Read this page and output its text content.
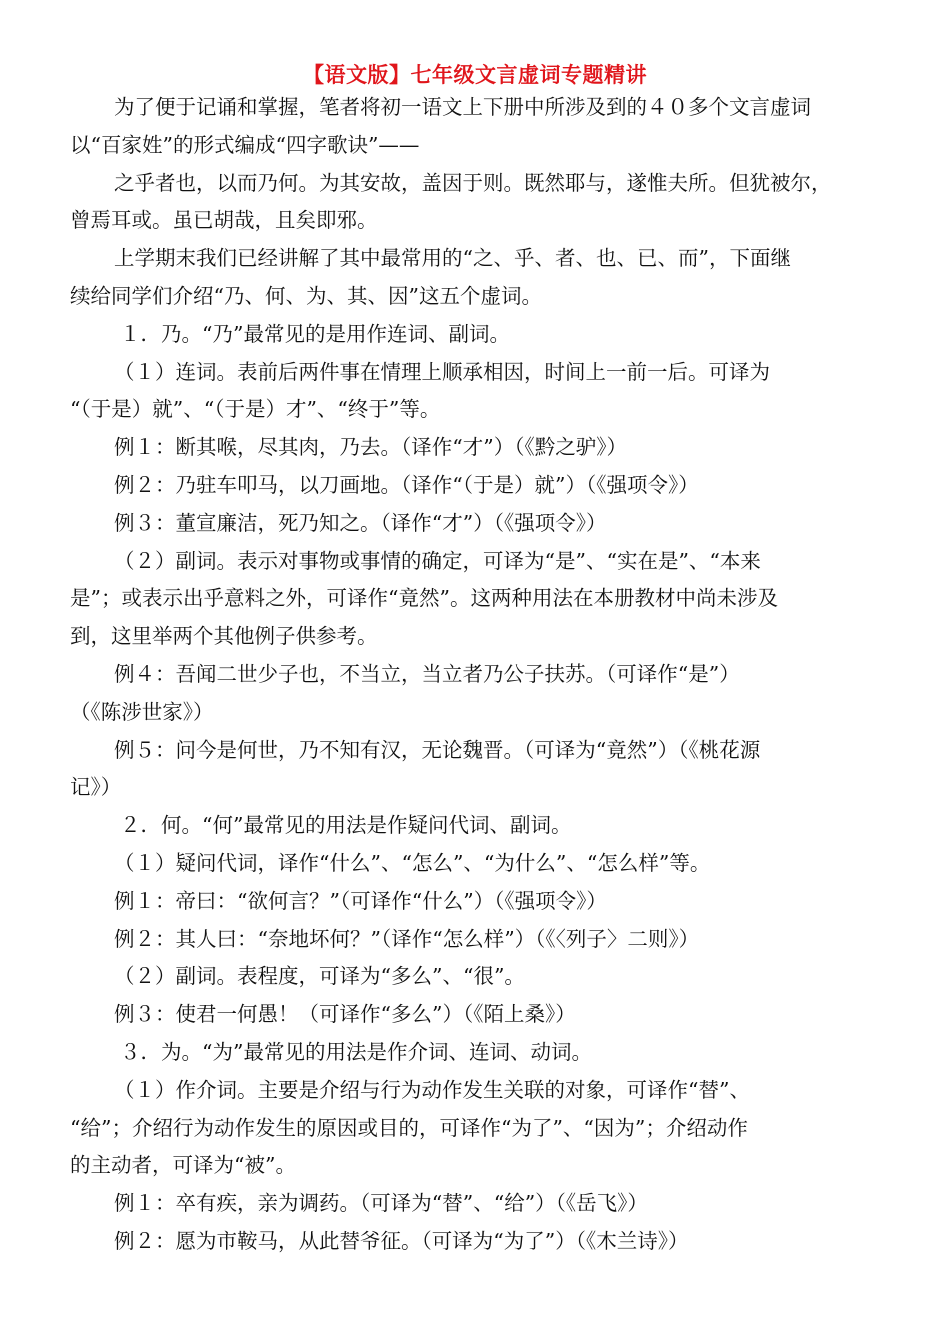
【语文版】七年级文言虚词专题精讲

为了便于记诵和掌握，笔者将初一语文上下册中所涉及到的４０多个文言虚词

以“百家姓”的形式编成“四字歌诀”——

之乎者也，以而乃何。为其安故，盖因于则。既然耶与，遂惟夫所。但犹被尔，

曾焉耳或。虽已胡哉，且矣即邪。

上学期末我们已经讲解了其中最常用的“之、乎、者、也、已、而”，下面继

续给同学们介绍“乃、何、为、其、因”这五个虚词。

１．乃。“乃”最常见的是用作连词、副词。

（１）连词。表前后两件事在情理上顺承相因，时间上一前一后。可译为

“（于是）就”、“（于是）才”、“终于”等。

例１：断其喉，尽其肉，乃去。（译作“才”）（《黔之驴》）

例２：乃驻车叩马，以刀画地。（译作“（于是）就”）（《强项令》）

例３：董宣廉洁，死乃知之。（译作“才”）（《强项令》）

（２）副词。表示对事物或事情的确定，可译为“是”、“实在是”、“本来

是”；或表示出乎意料之外，可译作“竟然”。这两种用法在本册教材中尚未涉及

到，这里举两个其他例子供参考。

例４：吾闻二世少子也，不当立，当立者乃公子扶苏。（可译作“是”）

（《陈涉世家》）

例５：问今是何世，乃不知有汉，无论魏晋。（可译为“竟然”）（《桃花源

记》）

２．何。“何”最常见的用法是作疑问代词、副词。

（１）疑问代词，译作“什么”、“怎么”、“为什么”、“怎么样”等。

例１：帝曰：“欲何言？”（可译作“什么”）（《强项令》）

例２：其人曰：“奈地坏何？”（译作“怎么样”）（《〈列子〉二则》）

（２）副词。表程度，可译为“多么”、“很”。

例３：使君一何愚！（可译作“多么”）（《陌上桑》）

３．为。“为”最常见的用法是作介词、连词、动词。

（１）作介词。主要是介绍与行为动作发生关联的对象，可译作“替”、

“给”；介绍行为动作发生的原因或目的，可译作“为了”、“因为”；介绍动作

的主动者，可译为“被”。

例１：卒有疾，亲为调药。（可译为“替”、“给”）（《岳飞》）

例２：愿为市鞍马，从此替爷征。（可译为“为了”）（《木兰诗》）
